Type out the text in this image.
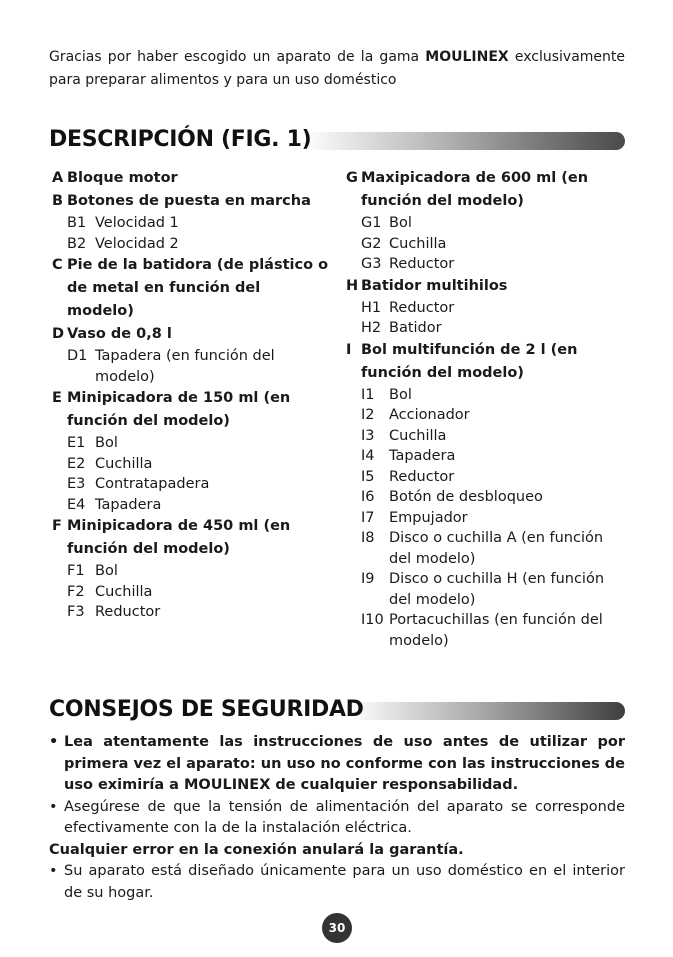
Gracias por haber escogido un aparato de la gama MOULINEX exclusivamente para preparar alimentos y para un uso doméstico
DESCRIPCIÓN (FIG. 1)
A Bloque motor
B Botones de puesta en marcha
B1 Velocidad 1
B2 Velocidad 2
C Pie de la batidora (de plástico o de metal en función del modelo)
D Vaso de 0,8 l
D1 Tapadera (en función del modelo)
E Minipicadora de 150 ml (en función del modelo)
E1 Bol
E2 Cuchilla
E3 Contratapadera
E4 Tapadera
F Minipicadora de 450 ml (en función del modelo)
F1 Bol
F2 Cuchilla
F3 Reductor
G Maxipicadora de 600 ml (en función del modelo)
G1 Bol
G2 Cuchilla
G3 Reductor
H Batidor multihilos
H1 Reductor
H2 Batidor
I Bol multifunción de 2 l (en función del modelo)
I1 Bol
I2 Accionador
I3 Cuchilla
I4 Tapadera
I5 Reductor
I6 Botón de desbloqueo
I7 Empujador
I8 Disco o cuchilla A (en función del modelo)
I9 Disco o cuchilla H (en función del modelo)
I10 Portacuchillas (en función del modelo)
CONSEJOS DE SEGURIDAD
• Lea atentamente las instrucciones de uso antes de utilizar por primera vez el aparato: un uso no conforme con las instrucciones de uso eximiría a MOULINEX de cualquier responsabilidad.
• Asegúrese de que la tensión de alimentación del aparato se corresponde efectivamente con la de la instalación eléctrica.
Cualquier error en la conexión anulará la garantía.
• Su aparato está diseñado únicamente para un uso doméstico en el interior de su hogar.
30
